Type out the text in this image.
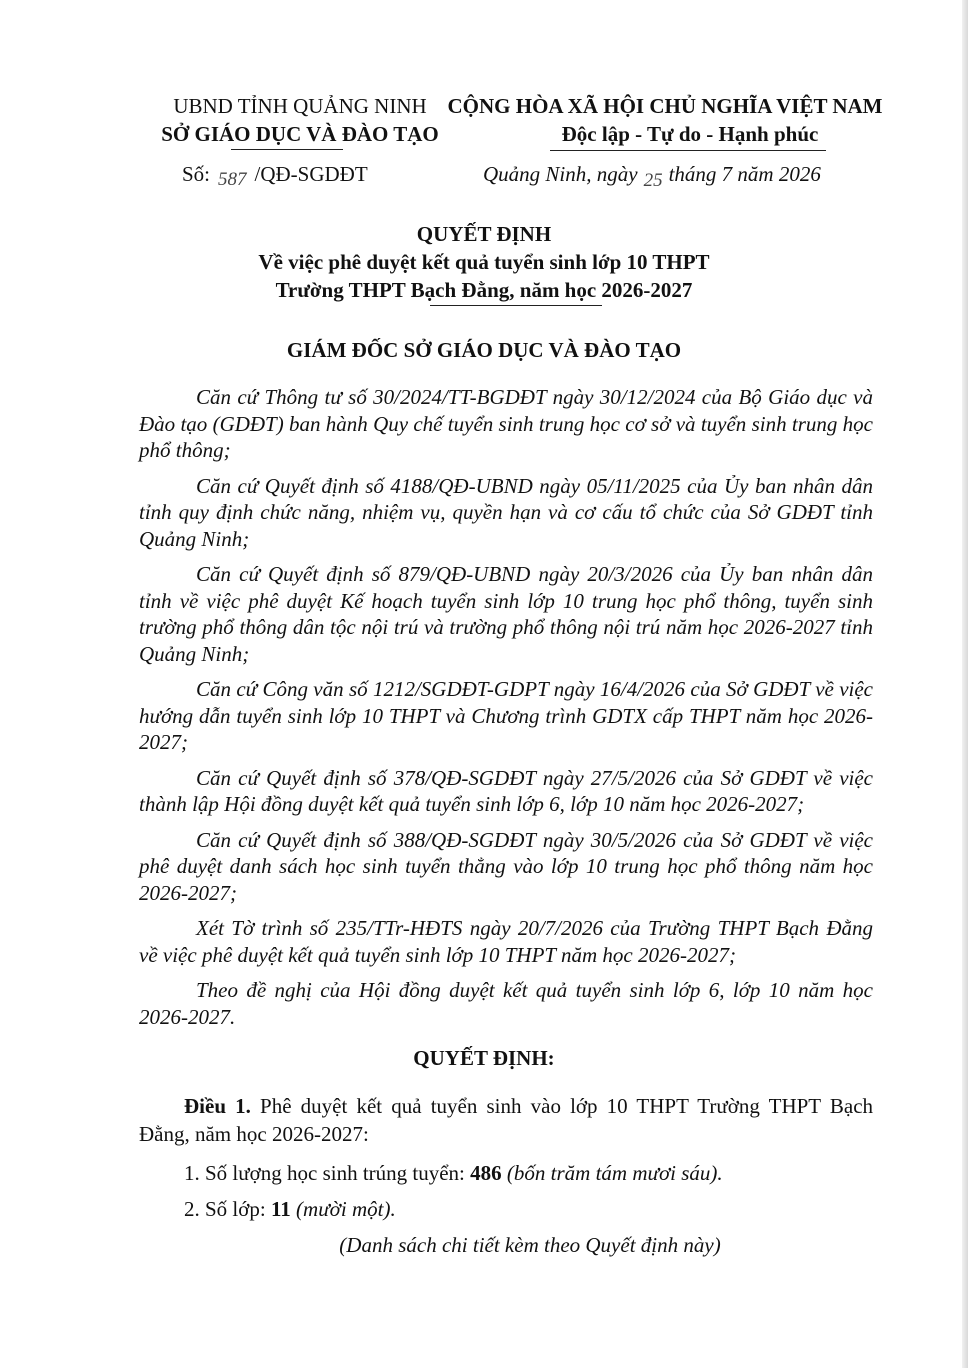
UBND TỈNH QUẢNG NINH
SỞ GIÁO DỤC VÀ ĐÀO TẠO
CỘNG HÒA XÃ HỘI CHỦ NGHĨA VIỆT NAM
Độc lập - Tự do - Hạnh phúc
Số: 587 /QĐ-SGDĐT	Quảng Ninh, ngày 25 tháng 7 năm 2026
QUYẾT ĐỊNH
Về việc phê duyệt kết quả tuyển sinh lớp 10 THPT
Trường THPT Bạch Đằng, năm học 2026-2027
GIÁM ĐỐC SỞ GIÁO DỤC VÀ ĐÀO TẠO

Căn cứ Thông tư số 30/2024/TT-BGDĐT ngày 30/12/2024 của Bộ Giáo dục và Đào tạo (GDĐT) ban hành Quy chế tuyển sinh trung học cơ sở và tuyển sinh trung học phổ thông;

Căn cứ Quyết định số 4188/QĐ-UBND ngày 05/11/2025 của Ủy ban nhân dân tỉnh quy định chức năng, nhiệm vụ, quyền hạn và cơ cấu tổ chức của Sở GDĐT tỉnh Quảng Ninh;

Căn cứ Quyết định số 879/QĐ-UBND ngày 20/3/2026 của Ủy ban nhân dân tỉnh về việc phê duyệt Kế hoạch tuyển sinh lớp 10 trung học phổ thông, tuyển sinh trường phổ thông dân tộc nội trú và trường phổ thông nội trú năm học 2026-2027 tỉnh Quảng Ninh;

Căn cứ Công văn số 1212/SGDĐT-GDPT ngày 16/4/2026 của Sở GDĐT về việc hướng dẫn tuyển sinh lớp 10 THPT và Chương trình GDTX cấp THPT năm học 2026-2027;

Căn cứ Quyết định số 378/QĐ-SGDĐT ngày 27/5/2026 của Sở GDĐT về việc thành lập Hội đồng duyệt kết quả tuyển sinh lớp 6, lớp 10 năm học 2026-2027;

Căn cứ Quyết định số 388/QĐ-SGDĐT ngày 30/5/2026 của Sở GDĐT về việc phê duyệt danh sách học sinh tuyển thẳng vào lớp 10 trung học phổ thông năm học 2026-2027;

Xét Tờ trình số 235/TTr-HĐTS ngày 20/7/2026 của Trường THPT Bạch Đằng về việc phê duyệt kết quả tuyển sinh lớp 10 THPT năm học 2026-2027;

Theo đề nghị của Hội đồng duyệt kết quả tuyển sinh lớp 6, lớp 10 năm học 2026-2027.

QUYẾT ĐỊNH:
Điều 1. Phê duyệt kết quả tuyển sinh vào lớp 10 THPT Trường THPT Bạch Đằng, năm học 2026-2027:
1. Số lượng học sinh trúng tuyển: 486 (bốn trăm tám mươi sáu).
2. Số lớp: 11 (mười một).
(Danh sách chi tiết kèm theo Quyết định này)
